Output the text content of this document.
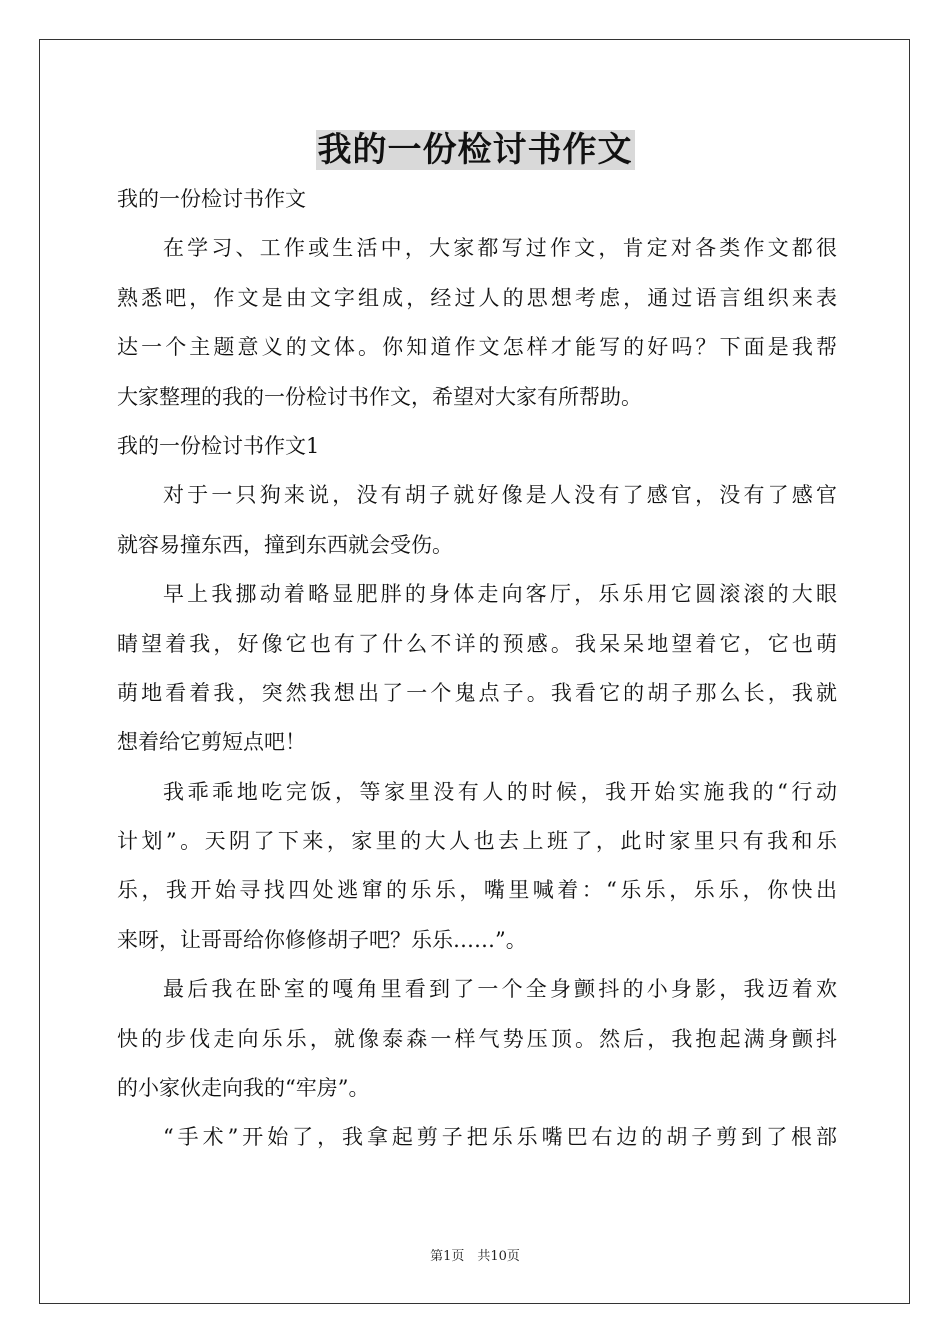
我的一份检讨书作文
我的一份检讨书作文
在学习、工作或生活中，大家都写过作文，肯定对各类作文都很
熟悉吧，作文是由文字组成，经过人的思想考虑，通过语言组织来表
达一个主题意义的文体。你知道作文怎样才能写的好吗？下面是我帮
大家整理的我的一份检讨书作文，希望对大家有所帮助。
我的一份检讨书作文1
对于一只狗来说，没有胡子就好像是人没有了感官，没有了感官
就容易撞东西，撞到东西就会受伤。
早上我挪动着略显肥胖的身体走向客厅，乐乐用它圆滚滚的大眼
睛望着我，好像它也有了什么不详的预感。我呆呆地望着它，它也萌
萌地看着我，突然我想出了一个鬼点子。我看它的胡子那么长，我就
想着给它剪短点吧！
我乖乖地吃完饭，等家里没有人的时候，我开始实施我的“行动
计划”。天阴了下来，家里的大人也去上班了，此时家里只有我和乐
乐，我开始寻找四处逃窜的乐乐，嘴里喊着：“乐乐，乐乐，你快出
来呀，让哥哥给你修修胡子吧？乐乐……”。
最后我在卧室的嘎角里看到了一个全身颤抖的小身影，我迈着欢
快的步伐走向乐乐，就像泰森一样气势压顶。然后，我抱起满身颤抖
的小家伙走向我的“牢房”。
“手术”开始了，我拿起剪子把乐乐嘴巴右边的胡子剪到了根部
第1页　共10页
